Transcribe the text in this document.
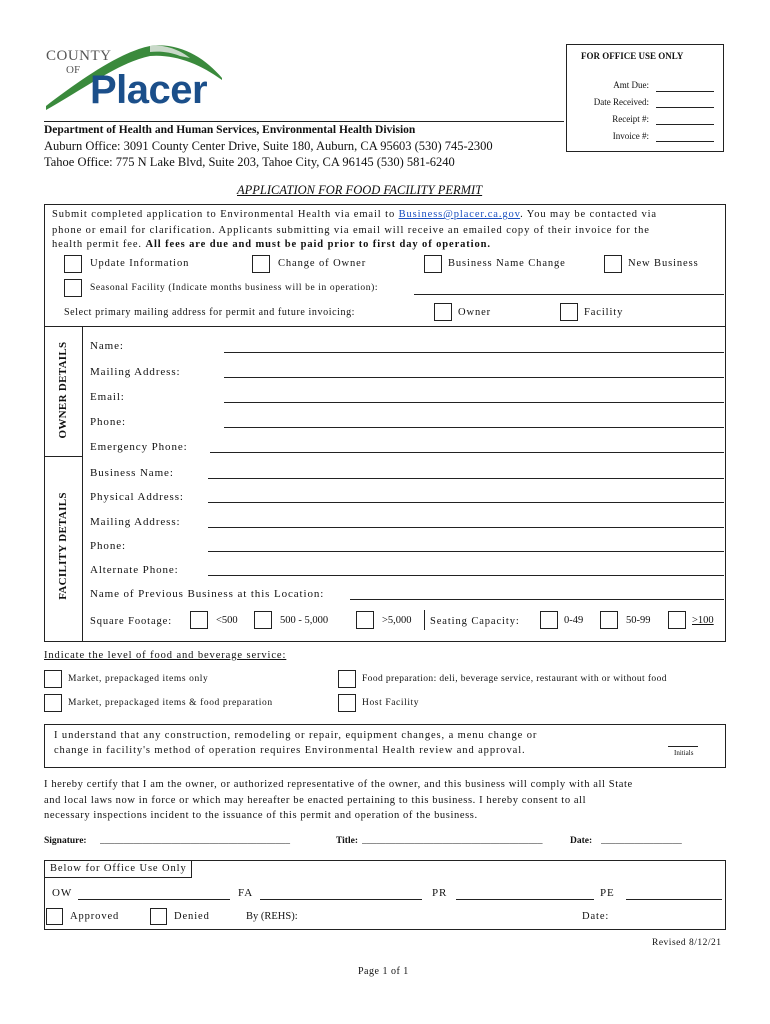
COUNTY
OF Placer
FOR OFFICE USE ONLY
Amt Due:
Date Received:
Receipt #:
Invoice #:
Department of Health and Human Services, Environmental Health Division
Auburn Office: 3091 County Center Drive, Suite 180, Auburn, CA 95603 (530) 745-2300
Tahoe Office: 775 N Lake Blvd, Suite 203, Tahoe City, CA 96145 (530) 581-6240
APPLICATION FOR FOOD FACILITY PERMIT
Submit completed application to Environmental Health via email to Business@placer.ca.gov. You may be contacted via
phone or email for clarification. Applicants submitting via email will receive an emailed copy of their invoice for the
health permit fee. All fees are due and must be paid prior to first day of operation.
Update Information	Change of Owner	Business Name Change	New Business
Seasonal Facility (Indicate months business will be in operation):
Select primary mailing address for permit and future invoicing:	Owner	Facility
OWNER DETAILS
FACILITY DETAILS
Name:
Mailing Address:
Email:
Phone:
Emergency Phone:
Business Name:
Physical Address:
Mailing Address:
Phone:
Alternate Phone:
Name of Previous Business at this Location:
Square Footage:	<500	500 - 5,000	>5,000 Seating Capacity:	0-49	50-99	>100
Indicate the level of food and beverage service:
Market, prepackaged items only	Food preparation: deli, beverage service, restaurant with or without food
Market, prepackaged items & food preparation	Host Facility
I understand that any construction, remodeling or repair, equipment changes, a menu change or
change in facility's method of operation requires Environmental Health review and approval.	Initials
I hereby certify that I am the owner, or authorized representative of the owner, and this business will comply with all State
and local laws now in force or which may hereafter be enacted pertaining to this business. I hereby consent to all
necessary inspections incident to the issuance of this permit and operation of the business.
Signature: ________________________________________	Title: ______________________________________	Date: _________________
Below for Office Use Only
OW	FA	PR	PE
Approved	Denied	By (REHS):	Date:
Revised 8/12/21
Page 1 of 1
